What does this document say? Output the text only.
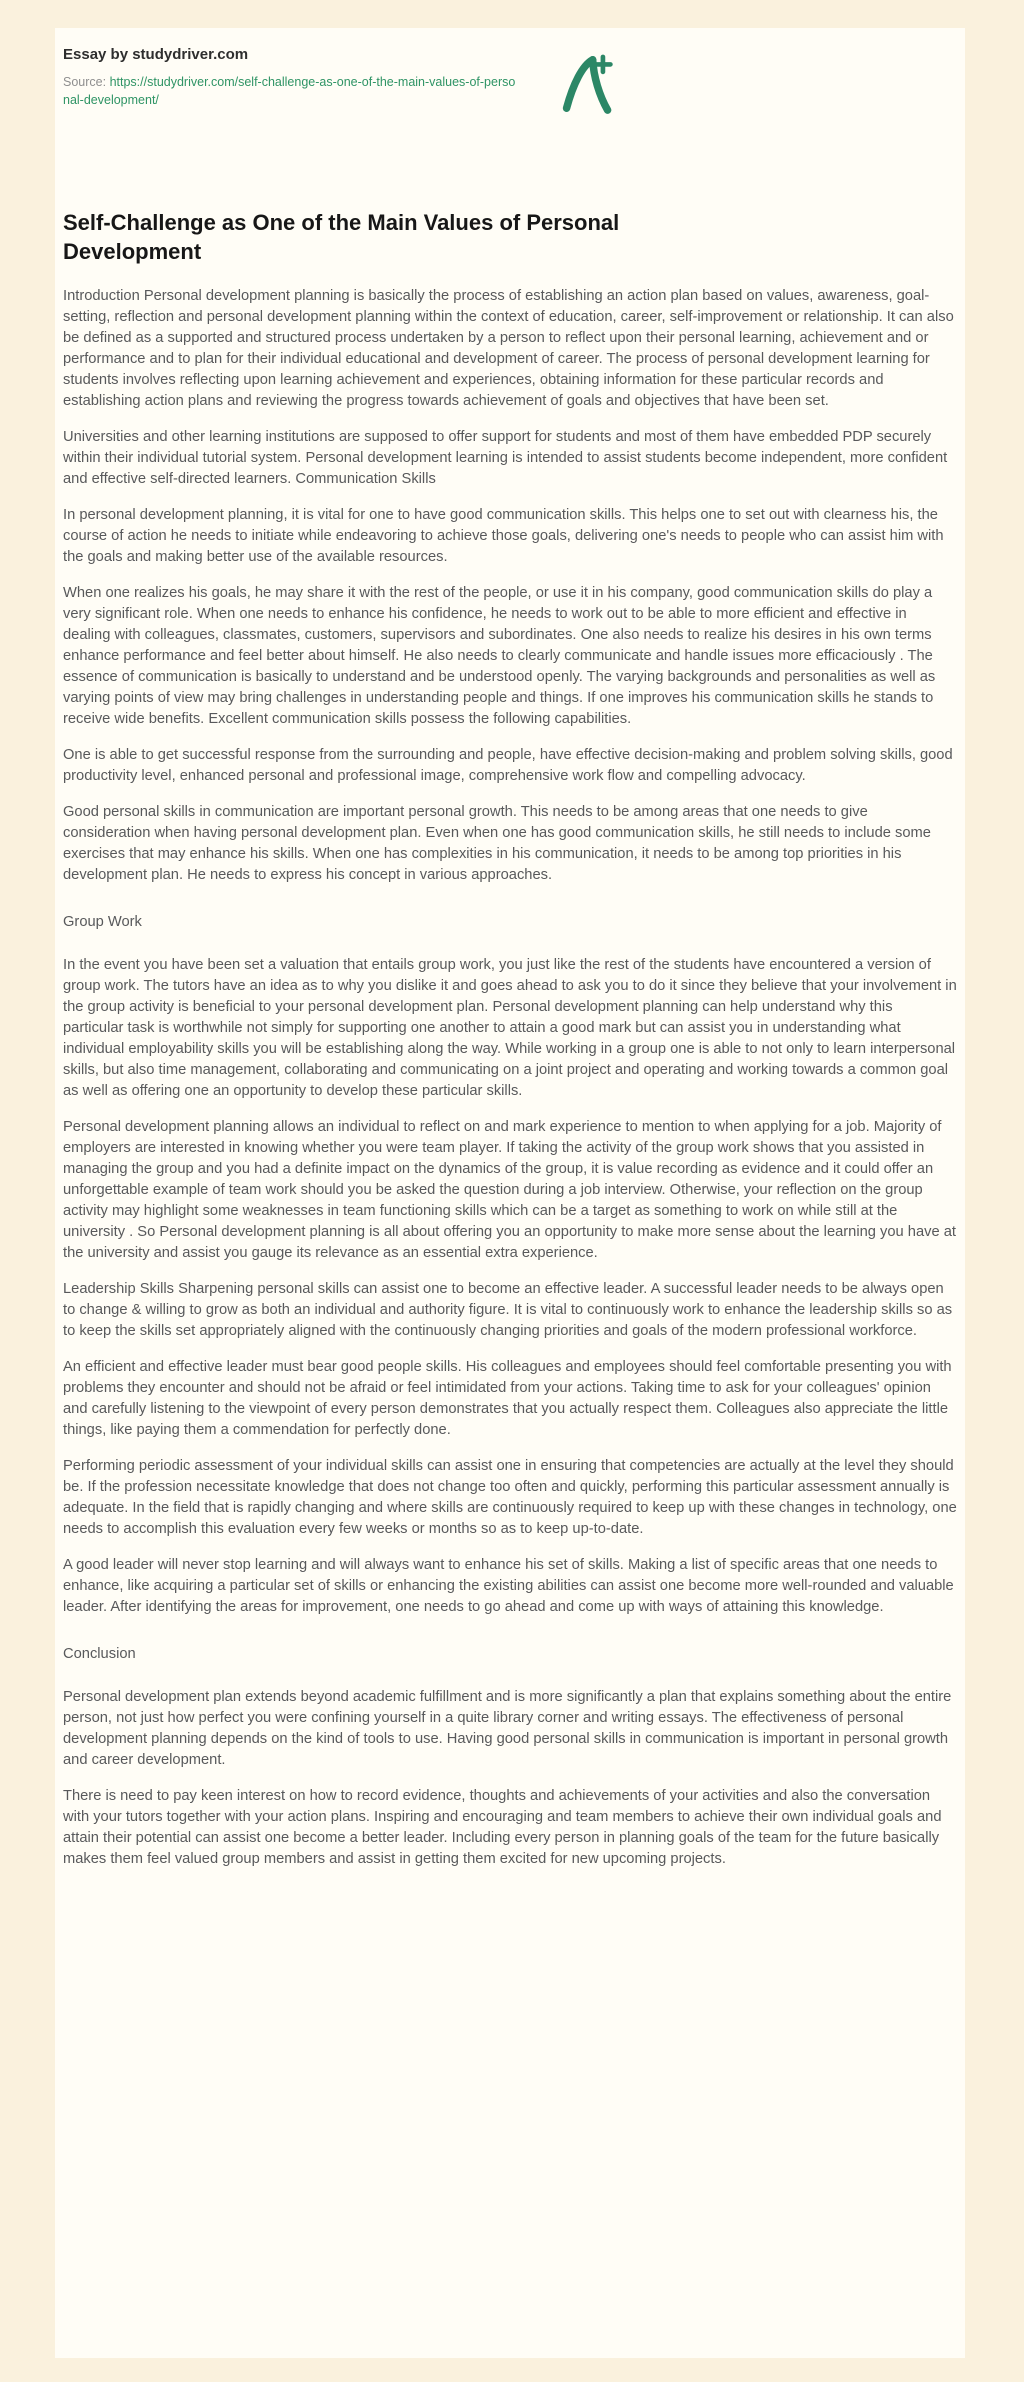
Essay by studydriver.com
Source: https://studydriver.com/self-challenge-as-one-of-the-main-values-of-personal-development/
Self-Challenge as One of the Main Values of Personal Development

Introduction Personal development planning is basically the process of establishing an action plan based on values, awareness, goal-setting, reflection and personal development planning within the context of education, career, self-improvement or relationship. It can also be defined as a supported and structured process undertaken by a person to reflect upon their personal learning, achievement and or performance and to plan for their individual educational and development of career. The process of personal development learning for students involves reflecting upon learning achievement and experiences, obtaining information for these particular records and establishing action plans and reviewing the progress towards achievement of goals and objectives that have been set.

Universities and other learning institutions are supposed to offer support for students and most of them have embedded PDP securely within their individual tutorial system. Personal development learning is intended to assist students become independent, more confident and effective self-directed learners. Communication Skills

In personal development planning, it is vital for one to have good communication skills. This helps one to set out with clearness his, the course of action he needs to initiate while endeavoring to achieve those goals, delivering one's needs to people who can assist him with the goals and making better use of the available resources.

When one realizes his goals, he may share it with the rest of the people, or use it in his company, good communication skills do play a very significant role. When one needs to enhance his confidence, he needs to work out to be able to more efficient and effective in dealing with colleagues, classmates, customers, supervisors and subordinates. One also needs to realize his desires in his own terms enhance performance and feel better about himself. He also needs to clearly communicate and handle issues more efficaciously . The essence of communication is basically to understand and be understood openly. The varying backgrounds and personalities as well as varying points of view may bring challenges in understanding people and things. If one improves his communication skills he stands to receive wide benefits. Excellent communication skills possess the following capabilities.

One is able to get successful response from the surrounding and people, have effective decision-making and problem solving skills, good productivity level, enhanced personal and professional image, comprehensive work flow and compelling advocacy.

Good personal skills in communication are important personal growth. This needs to be among areas that one needs to give consideration when having personal development plan. Even when one has good communication skills, he still needs to include some exercises that may enhance his skills. When one has complexities in his communication, it needs to be among top priorities in his development plan. He needs to express his concept in various approaches.

Group Work

In the event you have been set a valuation that entails group work, you just like the rest of the students have encountered a version of group work. The tutors have an idea as to why you dislike it and goes ahead to ask you to do it since they believe that your involvement in the group activity is beneficial to your personal development plan. Personal development planning can help understand why this particular task is worthwhile not simply for supporting one another to attain a good mark but can assist you in understanding what individual employability skills you will be establishing along the way. While working in a group one is able to not only to learn interpersonal skills, but also time management, collaborating and communicating on a joint project and operating and working towards a common goal as well as offering one an opportunity to develop these particular skills.

Personal development planning allows an individual to reflect on and mark experience to mention to when applying for a job. Majority of employers are interested in knowing whether you were team player. If taking the activity of the group work shows that you assisted in managing the group and you had a definite impact on the dynamics of the group, it is value recording as evidence and it could offer an unforgettable example of team work should you be asked the question during a job interview. Otherwise, your reflection on the group activity may highlight some weaknesses in team functioning skills which can be a target as something to work on while still at the university . So Personal development planning is all about offering you an opportunity to make more sense about the learning you have at the university and assist you gauge its relevance as an essential extra experience.

Leadership Skills Sharpening personal skills can assist one to become an effective leader. A successful leader needs to be always open to change & willing to grow as both an individual and authority figure. It is vital to continuously work to enhance the leadership skills so as to keep the skills set appropriately aligned with the continuously changing priorities and goals of the modern professional workforce.

An efficient and effective leader must bear good people skills. His colleagues and employees should feel comfortable presenting you with problems they encounter and should not be afraid or feel intimidated from your actions. Taking time to ask for your colleagues' opinion and carefully listening to the viewpoint of every person demonstrates that you actually respect them. Colleagues also appreciate the little things, like paying them a commendation for perfectly done.

Performing periodic assessment of your individual skills can assist one in ensuring that competencies are actually at the level they should be. If the profession necessitate knowledge that does not change too often and quickly, performing this particular assessment annually is adequate. In the field that is rapidly changing and where skills are continuously required to keep up with these changes in technology, one needs to accomplish this evaluation every few weeks or months so as to keep up-to-date.

A good leader will never stop learning and will always want to enhance his set of skills. Making a list of specific areas that one needs to enhance, like acquiring a particular set of skills or enhancing the existing abilities can assist one become more well-rounded and valuable leader. After identifying the areas for improvement, one needs to go ahead and come up with ways of attaining this knowledge.

Conclusion

Personal development plan extends beyond academic fulfillment and is more significantly a plan that explains something about the entire person, not just how perfect you were confining yourself in a quite library corner and writing essays. The effectiveness of personal development planning depends on the kind of tools to use. Having good personal skills in communication is important in personal growth and career development.

There is need to pay keen interest on how to record evidence, thoughts and achievements of your activities and also the conversation with your tutors together with your action plans. Inspiring and encouraging and team members to achieve their own individual goals and attain their potential can assist one become a better leader. Including every person in planning goals of the team for the future basically makes them feel valued group members and assist in getting them excited for new upcoming projects.
